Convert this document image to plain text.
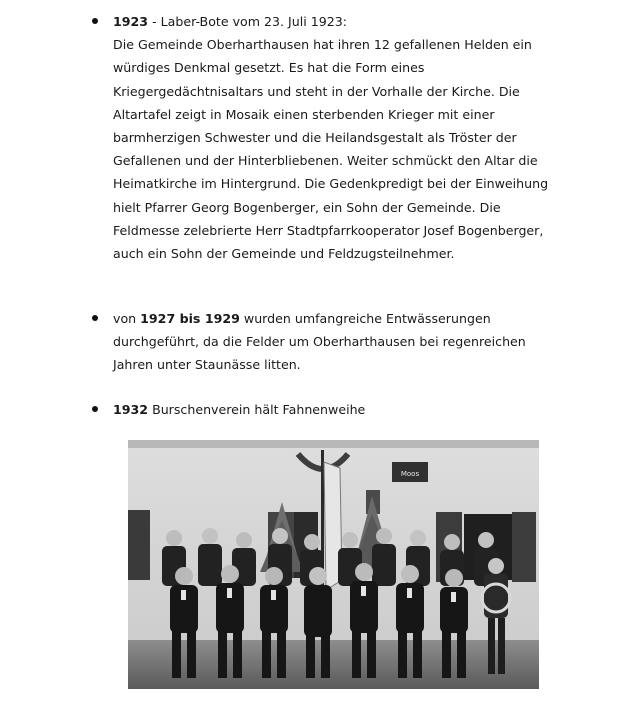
1923 - Laber-Bote vom 23. Juli 1923:
Die Gemeinde Oberharthausen hat ihren 12 gefallenen Helden ein
würdiges Denkmal gesetzt. Es hat die Form eines
Kriegergedächtnisaltars und steht in der Vorhalle der Kirche. Die
Altartafel zeigt in Mosaik einen sterbenden Krieger mit einer
barmherzigen Schwester und die Heilandsgestalt als Tröster der
Gefallenen und der Hinterbliebenen. Weiter schmückt den Altar die
Heimatkirche im Hintergrund. Die Gedenkpredigt bei der Einweihung
hielt Pfarrer Georg Bogenberger, ein Sohn der Gemeinde. Die
Feldmesse zelebrierte Herr Stadtpfarrkooperator Josef Bogenberger,
auch ein Sohn der Gemeinde und Feldzugsteilnehmer.
von 1927 bis 1929 wurden umfangreiche Entwässerungen
durchgeführt, da die Felder um Oberharthausen bei regenreichen
Jahren unter Staunässe litten.
1932 Burschenverein hält Fahnenweihe
Moos
